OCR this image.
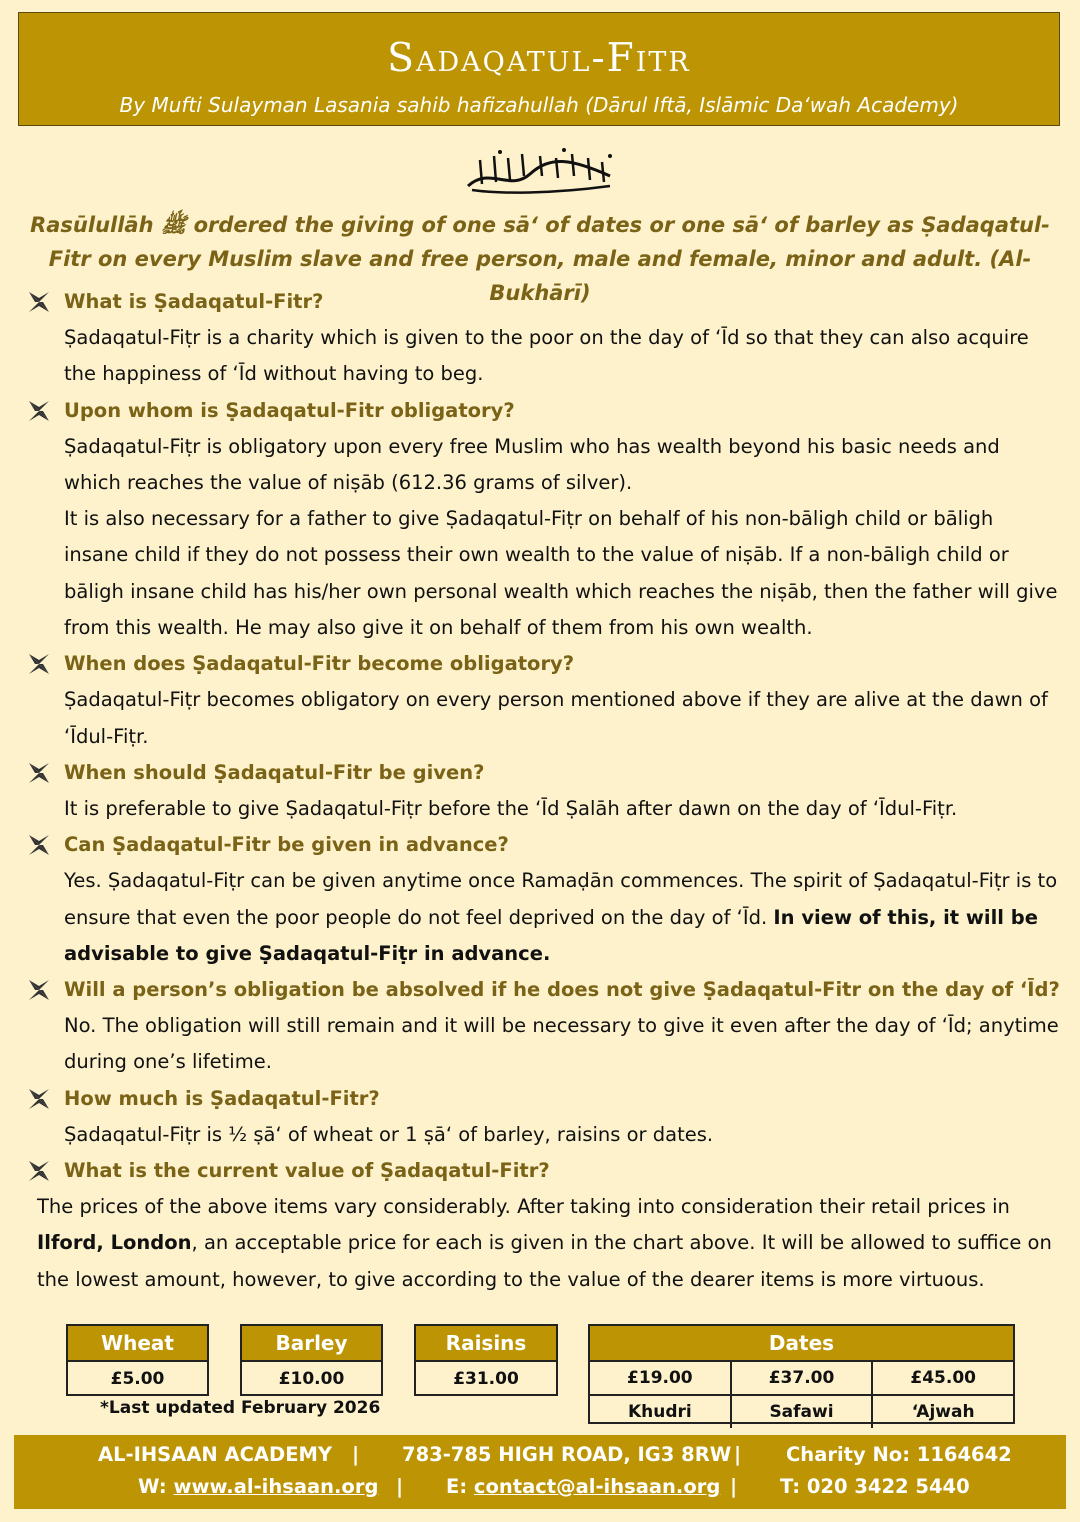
Sadaqatul-Fitr
By Mufti Sulayman Lasania sahib hafizahullah (Dārul Iftā, Islāmic Da‘wah Academy)
Rasūlullāh ﷺ ordered the giving of one sā‘ of dates or one sā‘ of barley as Ṣadaqatul-Fitr on every Muslim slave and free person, male and female, minor and adult. (Al-Bukhārī)
What is Ṣadaqatul-Fitr?
Ṣadaqatul-Fiṭr is a charity which is given to the poor on the day of ‘Īd so that they can also acquire the happiness of ‘Īd without having to beg.
Upon whom is Ṣadaqatul-Fitr obligatory?
Ṣadaqatul-Fiṭr is obligatory upon every free Muslim who has wealth beyond his basic needs and which reaches the value of niṣāb (612.36 grams of silver).
It is also necessary for a father to give Ṣadaqatul-Fiṭr on behalf of his non-bāligh child or bāligh insane child if they do not possess their own wealth to the value of niṣāb. If a non-bāligh child or bāligh insane child has his/her own personal wealth which reaches the niṣāb, then the father will give from this wealth. He may also give it on behalf of them from his own wealth.
When does Ṣadaqatul-Fitr become obligatory?
Ṣadaqatul-Fiṭr becomes obligatory on every person mentioned above if they are alive at the dawn of ‘Īdul-Fiṭr.
When should Ṣadaqatul-Fitr be given?
It is preferable to give Ṣadaqatul-Fiṭr before the ‘Īd Ṣalāh after dawn on the day of ‘Īdul-Fiṭr.
Can Ṣadaqatul-Fitr be given in advance?
Yes. Ṣadaqatul-Fiṭr can be given anytime once Ramaḍān commences. The spirit of Ṣadaqatul-Fiṭr is to ensure that even the poor people do not feel deprived on the day of ‘Īd. In view of this, it will be advisable to give Ṣadaqatul-Fiṭr in advance.
Will a person’s obligation be absolved if he does not give Ṣadaqatul-Fitr on the day of ‘Īd?
No. The obligation will still remain and it will be necessary to give it even after the day of ‘Īd; anytime during one’s lifetime.
How much is Ṣadaqatul-Fitr?
Ṣadaqatul-Fiṭr is ½ ṣā‘ of wheat or 1 ṣā‘ of barley, raisins or dates.
What is the current value of Ṣadaqatul-Fitr?
The prices of the above items vary considerably. After taking into consideration their retail prices in Ilford, London, an acceptable price for each is given in the chart above. It will be allowed to suffice on the lowest amount, however, to give according to the value of the dearer items is more virtuous.
Wheat
£5.00
Barley
£10.00
Raisins
£31.00
Dates
£19.00	£37.00	£45.00
Khudri	Safawi	‘Ajwah
*Last updated February 2026
AL-IHSAAN ACADEMY | 783-785 HIGH ROAD, IG3 8RW | Charity No: 1164642
W: www.al-ihsaan.org | E: contact@al-ihsaan.org | T: 020 3422 5440
